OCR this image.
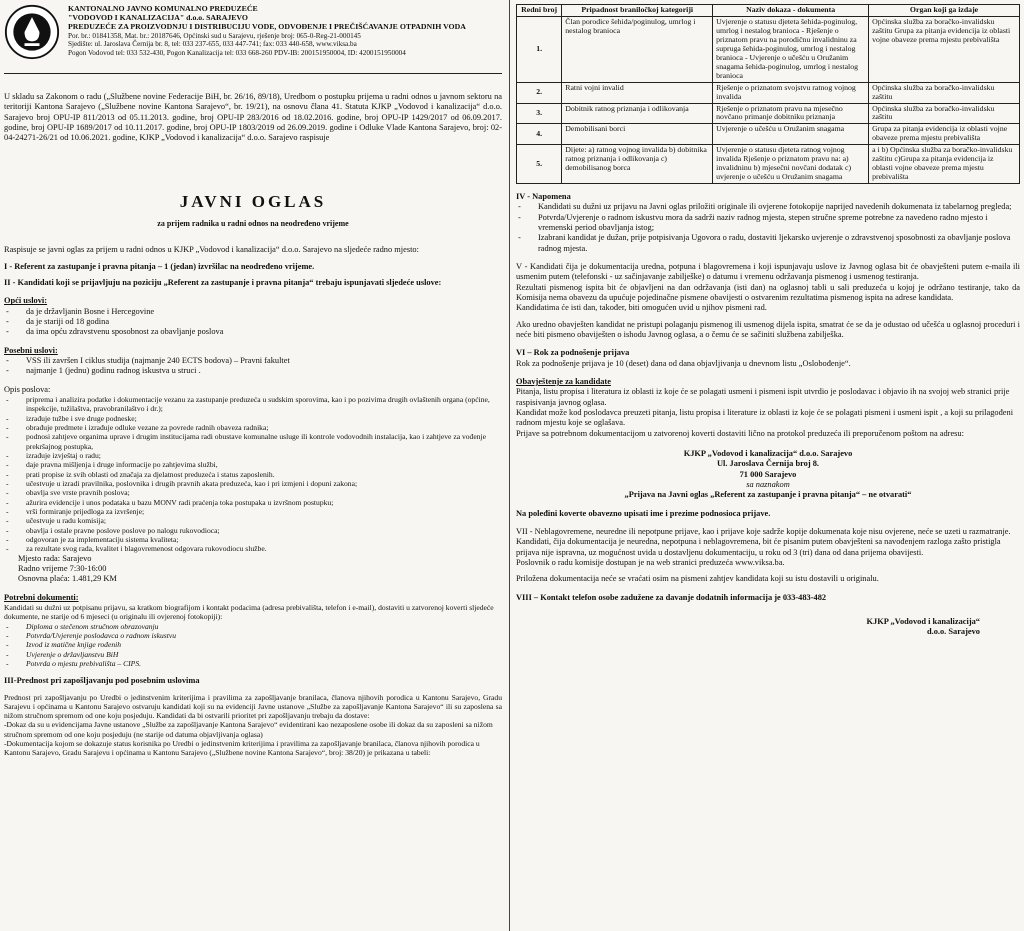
KANTONALNO JAVNO KOMUNALNO PREDUZEĆE
"VODOVOD I KANALIZACIJA" d.o.o. SARAJEVO
PREDUZEĆE ZA PROIZVODNJU I DISTRIBUCIJU VODE, ODVOĐENJE I PREČIŠĆAVANJE OTPADNIH VODA
Por. br.: 01841358, Mat. br.: 20187646, Općinski sud u Sarajevu, rješenje broj: 065-0-Reg-21-000145
Sjedište: ul. Jaroslava Černija br. 8, tel: 033 237-655, 033 447-741; fax: 033 440-658, www.viksa.ba
Pogon Vodovod tel: 033 532-430, Pogon Kanalizacija tel: 033 668-260 PDV-IB: 200151950004, ID: 4200151950004
U skladu sa Zakonom o radu („Službene novine Federacije BiH, br. 26/16, 89/18), Uredbom o postupku prijema u radni odnos u javnom sektoru na teritoriji Kantona Sarajevo („Službene novine Kantona Sarajevo“, br. 19/21), na osnovu člana 41. Statuta KJKP „Vodovod i kanalizacija“ d.o.o. Sarajevo broj OPU-IP 811/2013 od 05.11.2013. godine, broj OPU-IP 283/2016 od 18.02.2016. godine, broj OPU-IP 1429/2017 od 06.09.2017. godine, broj OPU-IP 1689/2017 od 10.11.2017. godine, broj OPU-IP 1803/2019 od 26.09.2019. godine i Odluke Vlade Kantona Sarajevo, broj: 02-04-24271-26/21 od 10.06.2021. godine, KJKP „Vodovod i kanalizacija“ d.o.o. Sarajevo raspisuje
JAVNI OGLAS
za prijem radnika u radni odnos na neodređeno vrijeme
Raspisuje se javni oglas za prijem u radni odnos u KJKP „Vodovod i kanalizacija“ d.o.o. Sarajevo na sljedeće radno mjesto:
I - Referent za zastupanje i pravna pitanja – 1 (jedan) izvršilac na neodređeno vrijeme.
II - Kandidati koji se prijavljuju na poziciju „Referent za zastupanje i pravna pitanja“ trebaju ispunjavati sljedeće uslove:
Opći uslovi:
- da je državljanin Bosne i Hercegovine
- da je stariji od 18 godina
- da ima opću zdravstvenu sposobnost za obavljanje poslova
Posebni uslovi:
- VSS ili završen I ciklus studija (najmanje 240 ECTS bodova) – Pravni fakultet
- najmanje 1 (jednu) godinu radnog iskustva u struci .
Opis poslova:
- pripremа i analizira podatke i dokumentacije vezanu za zastupanje preduzeća u sudskim sporovima, kao i po pozivima drugih ovlaštenih organa (općine, inspekcije, tužilaštva, pravobranilaštvo i dr.);
- izrađuje tužbe i sve druge podneske;
- obrađuje predmete i izrađuje odluke vezane za povrede radnih obaveza radnika;
- podnosi zahtjeve organima uprave i drugim institucijama radi obustave komunalne usluge ili kontrole vodovodnih instalacija, kao i zahtjeve za vođenje prekršajnog postupka,
- izrađuje izvještaj o radu;
- daje pravna mišljenja i druge informacije po zahtjevima službi,
- prati propise iz svih oblasti od značaja za djelatnost preduzeća i status zaposlenih.
- učestvuje u izradi pravilnika, poslovnika i drugih pravnih akata preduzeća, kao i pri izmjeni i dopuni zakona;
- obavlja sve vrste pravnih poslova;
- ažurira evidencije i unos podataka u bazu MONV radi praćenja toka postupaka u izvršnom postupku;
- vrši formiranje prijedloga za izvršenje;
- učestvuje u radu komisija;
- obavlja i ostale pravne poslove poslove po nalogu rukovodioca;
- odgovoran je za implementaciju sistema kvaliteta;
- za rezultate svog rada, kvalitet i blagovremenost odgovara rukovodiocu službe.
Mjesto rada: Sarajevo
Radno vrijeme 7:30-16:00
Osnovna plaća: 1.481,29 KM
Potrebni dokumenti:
Kandidati su dužni uz potpisanu prijavu, sa kratkom biografijom i kontakt podacima (adresa prebivališta, telefon i e-mail), dostaviti u zatvorenoj koverti sljedeće dokumente, ne starije od 6 mjeseci (u originalu ili ovjerenoj fotokopiji):
- Diploma o stečenom stručnom obrazovanju
- Potvrda/Uvjerenje poslodavca o radnom iskustvu
- Izvod iz matične knjige rođenih
- Uvjerenje o državljanstvu BiH
- Potvrda o mjestu prebivališta – CIPS.
III-Prednost pri zapošljavanju pod posebnim uslovima
Prednost pri zapošljavanju po Uredbi o jedinstvenim kriterijima i pravilima za zapošljavanje branilaca, članova njihovih porodica u Kantonu Sarajevo, Gradu Sarajevu i općinama u Kantonu Sarajevo ostvaruju kandidati koji su na evidenciji Javne ustanove „Službe za zapošljavanje Kantona Sarajevo“ ili su zaposlena sa nižom stručnom spremom od one koju posjeduju. Kandidati da bi ostvarili prioritet pri zapošljavanju trebaju da dostave:
-Dokaz da su u evidencijama Javne ustanove „Službe za zapošljavanje Kantona Sarajevo“ evidentirani kao nezaposlene osobe ili dokaz da su zaposleni sa nižom stručnom spremom od one koju posjeduju (ne starije od datuma objavljivanja oglasa)
-Dokumentacija kojom se dokazuje status korisnika po Uredbi o jedinstvenim kriterijima i pravilima za zapošljavanje branilaca, članova njihovih porodica u Kantonu Sarajevo, Gradu Sarajevu i općinama u Kantonu Sarajevo („Službene novine Kantona Sarajevo“, broj: 38/20) je prikazana u tabeli:
Redni broj	Pripadnost braniločkoj kategoriji	Naziv dokaza - dokumenta	Organ koji ga izdaje
1.	Član porodice šehida/poginulog, umrlog i nestalog branioca	Uvjerenje o statusu djeteta šehida-poginulog, umrlog i nestalog branioca - Rješenje o priznatom pravu na porodičnu invalidninu za supruga šehida-poginulog, umrlog i nestalog branioca - Uvjerenje o učešću u Oružanim snagama šehida-poginulog, umrlog i nestalog branioca	Općinska služba za boračko-invalidsku zaštitu Grupa za pitanja evidencija iz oblasti vojne obaveze prema mjestu prebivališta
2.	Ratni vojni invalid	Rješenje o priznatom svojstvu ratnog vojnog invalida	Općinska služba za boračko-invalidsku zaštitu
3.	Dobitnik ratnog priznanja i odlikovanja	Rješenje o priznatom pravu na mjesečno novčano primanje dobitniku priznanja	Općinska služba za boračko-invalidsku zaštitu
4.	Demobilisani borci	Uvjerenje o učešću u Oružanim snagama	Grupa za pitanja evidencija iz oblasti vojne obaveze prema mjestu prebivališta
5.	Dijete: a) ratnog vojnog invalida b) dobitnika ratnog priznanja i odlikovanja c) demobilisanog borca	Uvjerenje o statusu djeteta ratnog vojnog invalida Rješenje o priznatom pravu na: a) invalidninu b) mjesečni novčani dodatak c) uvjerenje o učešću u Oružanim snagama	a i b) Općinska služba za boračko-invalidsku zaštitu c)Grupa za pitanja evidencija iz oblasti vojne obaveze prema mjestu prebivališta
IV - Napomena
- Kandidati su dužni uz prijavu na Javni oglas priložiti originale ili ovjerene fotokopije naprijed navedenih dokumenata iz tabelarnog pregleda;
- Potvrda/Uvjerenje o radnom iskustvu mora da sadrži naziv radnog mjesta, stepen stručne spreme potrebne za navedeno radno mjesto i vremenski period obavljanja istog;
- Izabrani kandidat je dužan, prije potpisivanja Ugovora o radu, dostaviti ljekarsko uvjerenje o zdravstvenoj sposobnosti za obavljanje poslova radnog mjesta.
V - Kandidati čija je dokumentacija uredna, potpuna i blagovremena i koji ispunjavaju uslove iz Javnog oglasa bit će obavješteni putem e-maila ili usmenim putem (telefonski - uz sačinjavanje zabilješke) o datumu i vremenu održavanja pismenog i usmenog testiranja.
Rezultati pismenog ispita bit će objavljeni na dan održavanja (isti dan) na oglasnoj tabli u sali preduzeća u kojoj je održano testiranje, tako da Komisija nema obavezu da upućuje pojedinačne pismene obavijesti o ostvarenim rezultatima pismenog ispita na adrese kandidata.
Kandidatima će isti dan, također, biti omogućen uvid u njihov pismeni rad.
Ako uredno obavješten kandidat ne pristupi polaganju pismenog ili usmenog dijela ispita, smatrat će se da je odustao od učešća u oglasnoj proceduri i neće biti pismeno obaviješten o ishodu Javnog oglasa, a o čemu će se sačiniti službena zabilješka.
VI – Rok za podnošenje prijava
Rok za podnošenje prijava je 10 (deset) dana od dana objavljivanja u dnevnom listu „Oslobođenje“.
Obavještenje za kandidate
Pitanja, listu propisa i literatura iz oblasti iz koje će se polagati usmeni i pismeni ispit utvrdio je poslodavac i objavio ih na svojoj web stranici prije raspisivanja javnog oglasa.
Kandidat može kod poslodavca preuzeti pitanja, listu propisa i literature iz oblasti iz koje će se polagati pismeni i usmeni ispit , a koji su prilagođeni radnom mjestu koje se oglašava.
Prijave sa potrebnom dokumentacijom u zatvorenoj koverti dostaviti lično na protokol preduzeća ili preporučenom poštom na adresu:
KJKP „Vodovod i kanalizacija“ d.o.o. Sarajevo
Ul. Jaroslava Černija broj 8.
71 000 Sarajevo
sa naznakom
„Prijava na Javni oglas „Referent za zastupanje i pravna pitanja“ – ne otvarati“
Na poleđini koverte obavezno upisati ime i prezime podnosioca prijave.
VII - Neblagovremene, neuredne ili nepotpune prijave, kao i prijave koje sadrže kopije dokumenata koje nisu ovjerene, neće se uzeti u razmatranje.
Kandidati, čija dokumentacija je neuredna, nepotpuna i neblagovremena, bit će pisanim putem obavještenі sa navođenjem razloga zašto pristigla prijava nije ispravna, uz mogućnost uvida u dostavljenu dokumentaciju, u roku od 3 (tri) dana od dana prijema obavijesti.
Poslovnik o radu komisije dostupan je na web stranici preduzeća www.viksa.ba.
Priložena dokumentacija neće se vraćati osim na pismeni zahtjev kandidata koji su istu dostavili u originalu.
VIII – Kontakt telefon osobe zadužene za davanje dodatnih informacija je 033-483-482
KJKP „Vodovod i kanalizacija“
d.o.o. Sarajevo
